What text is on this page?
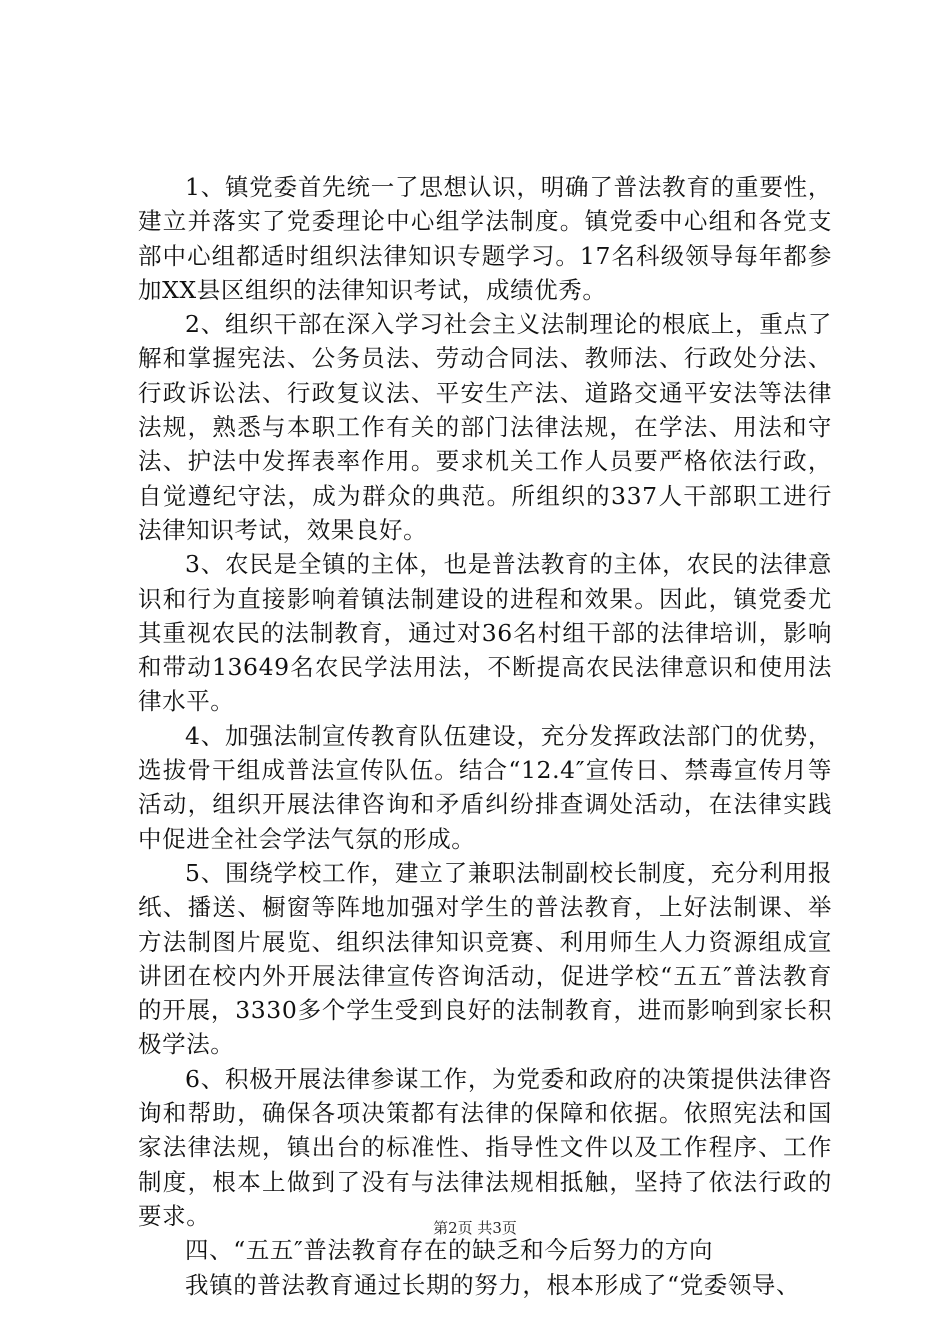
1、镇党委首先统一了思想认识，明确了普法教育的重要性，建立并落实了党委理论中心组学法制度。镇党委中心组和各党支部中心组都适时组织法律知识专题学习。17名科级领导每年都参加XX县区组织的法律知识考试，成绩优秀。

2、组织干部在深入学习社会主义法制理论的根底上，重点了解和掌握宪法、公务员法、劳动合同法、教师法、行政处分法、行政诉讼法、行政复议法、平安生产法、道路交通平安法等法律法规，熟悉与本职工作有关的部门法律法规，在学法、用法和守法、护法中发挥表率作用。要求机关工作人员要严格依法行政，自觉遵纪守法，成为群众的典范。所组织的337人干部职工进行法律知识考试，效果良好。

3、农民是全镇的主体，也是普法教育的主体，农民的法律意识和行为直接影响着镇法制建设的进程和效果。因此，镇党委尤其重视农民的法制教育，通过对36名村组干部的法律培训，影响和带动13649名农民学法用法，不断提高农民法律意识和使用法律水平。

4、加强法制宣传教育队伍建设，充分发挥政法部门的优势，选拔骨干组成普法宣传队伍。结合“12.4″宣传日、禁毒宣传月等活动，组织开展法律咨询和矛盾纠纷排查调处活动，在法律实践中促进全社会学法气氛的形成。

5、围绕学校工作，建立了兼职法制副校长制度，充分利用报纸、播送、橱窗等阵地加强对学生的普法教育，上好法制课、举方法制图片展览、组织法律知识竞赛、利用师生人力资源组成宣讲团在校内外开展法律宣传咨询活动，促进学校“五五″普法教育的开展，3330多个学生受到良好的法制教育，进而影响到家长积极学法。

6、积极开展法律参谋工作，为党委和政府的决策提供法律咨询和帮助，确保各项决策都有法律的保障和依据。依照宪法和国家法律法规，镇出台的标准性、指导性文件以及工作程序、工作制度，根本上做到了没有与法律法规相抵触，坚持了依法行政的要求。

四、“五五″普法教育存在的缺乏和今后努力的方向

我镇的普法教育通过长期的努力，根本形成了“党委领导、

第2页 共3页
